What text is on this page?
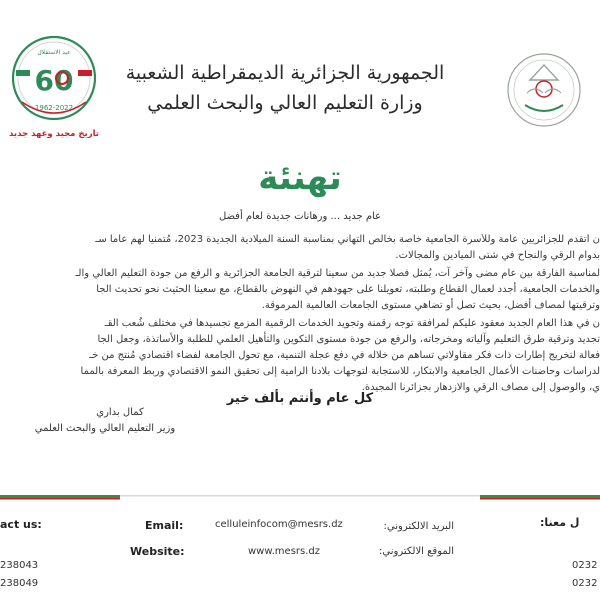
عيد الاستقلال
60
1962-2022
تاريخ مجيد وعهد جديد
الجمهورية الجزائرية الديمقراطية الشعبية
وزارة التعليم العالي والبحث العلمي
تهنئة
عام جديد ... ورهانات جديدة لعام أفضل
ن أتقدم للجزائريين عامة وللأسرة الجامعية خاصة بخالص التهاني بمناسبة السنة الميلادية الجديدة 2023، مُتمنيا لهم عاما سـ
بدوام الرقي والنجاح في شتى الميادين والمجالات.
لمناسبة الفارقة بين عام مضى وآخر آت، يُمثل فصلا جديد من سعينا لترقية الجامعة الجزائرية و الرفع من جودة التعليم العالي والـ
والخدمات الجامعية، أجدد لعمال القطاع وطلبته، تعويلنا على جهودهم في النهوض بالقطاع، مع سعينا الحثيث نحو تحديث الجا
وترقيتها لمصاف أفضل، بحيث تصل أو تضاهي مستوى الجامعات العالمية المرموقة.
ن في هذا العام الجديد معقود عليكم لمرافقة توجه رقمنة وتجويد الخدمات الرقمية المزمع تجسيدها في مختلف شُعب القـ
تجديد وترقية طرق التعليم وآلياته ومخرجاته، والرفع من جودة مستوى التكوين والتأهيل العلمي للطلبة والأساتذة، وجعل الجا
فعالة لتخريج إطارات ذات فكر مقاولاتي تساهم من خلاله في دفع عجلة التنمية، مع تحول الجامعة لفضاء اقتصادي مُنتج من خـ
لدراسات وحاضنات الأعمال الجامعية والابتكار، للاستجابة لتوجهات بلادنا الرامية إلى تحقيق النمو الاقتصادي وربط المعرفة بالمما
ي، والوصول إلى مصاف الرقي والازدهار بجزائرنا المجيدة.
كل عام وأنتم بألف خير
كمال بداري
وزير التعليم العالي والبحث العلمي
act us:
238043
238049
Email:	celluleinfocom@mesrs.dz	البريد الالكتروني:
Website:	www.mesrs.dz	الموقع الالكتروني:
ل معنا:
0232
0232
